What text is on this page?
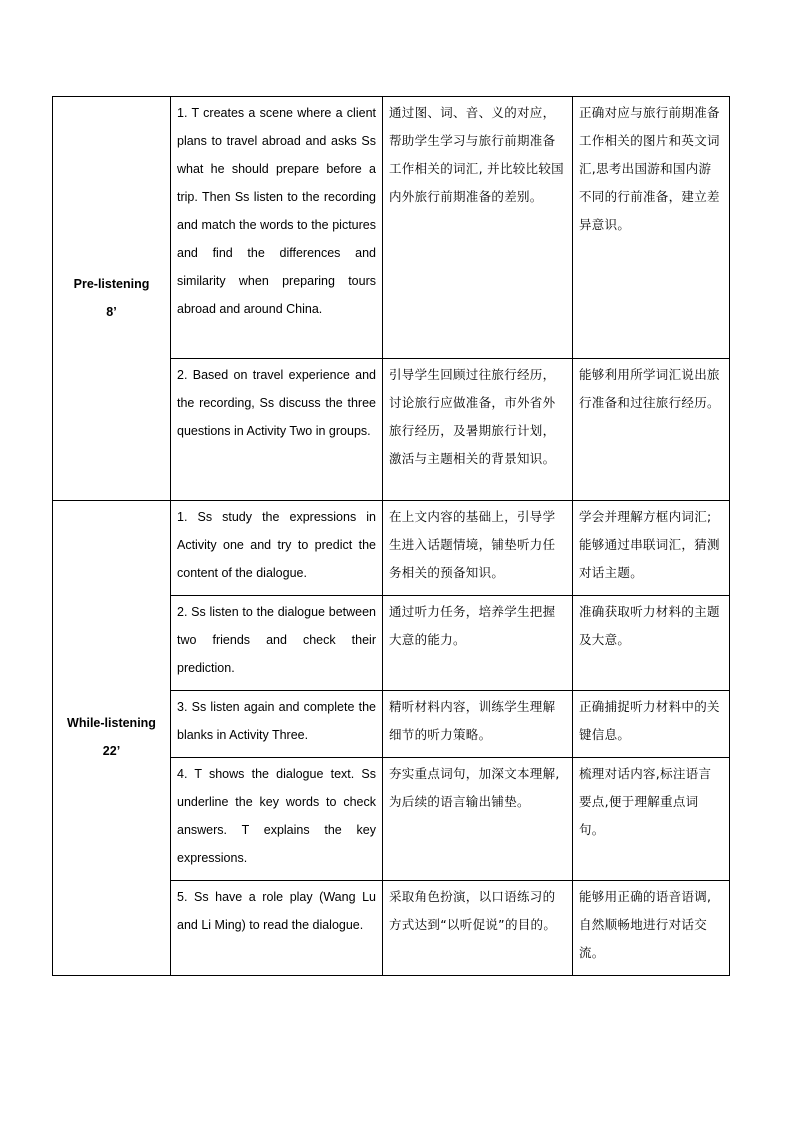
Pre-listening
8’	1. T creates a scene where a client plans to travel abroad and asks Ss what he should prepare before a trip. Then Ss listen to the recording and match the words to the pictures and find the differences and similarity when preparing tours abroad and around China.	通过图、词、音、义的对应，帮助学生学习与旅行前期准备工作相关的词汇, 并比较比较国内外旅行前期准备的差别。	正确对应与旅行前期准备工作相关的图片和英文词汇,思考出国游和国内游不同的行前准备，建立差异意识。
	2. Based on travel experience and the recording, Ss discuss the three questions in Activity Two in groups.	引导学生回顾过往旅行经历，讨论旅行应做准备，市外省外旅行经历，及暑期旅行计划，激活与主题相关的背景知识。	能够利用所学词汇说出旅行准备和过往旅行经历。

While-listening
22’	1. Ss study the expressions in Activity one and try to predict the content of the dialogue.	在上文内容的基础上，引导学生进入话题情境，铺垫听力任务相关的预备知识。	学会并理解方框内词汇;能够通过串联词汇，猜测对话主题。
	2. Ss listen to the dialogue between two friends and check their prediction.	通过听力任务，培养学生把握大意的能力。	准确获取听力材料的主题及大意。
	3. Ss listen again and complete the blanks in Activity Three.	精听材料内容，训练学生理解细节的听力策略。	正确捕捉听力材料中的关键信息。
	4. T shows the dialogue text. Ss underline the key words to check answers. T explains the key expressions.	夯实重点词句，加深文本理解,为后续的语言输出铺垫。	梳理对话内容,标注语言要点,便于理解重点词句。
	5. Ss have a role play (Wang Lu and Li Ming) to read the dialogue.	采取角色扮演，以口语练习的方式达到“以听促说”的目的。	能够用正确的语音语调,自然顺畅地进行对话交流。
